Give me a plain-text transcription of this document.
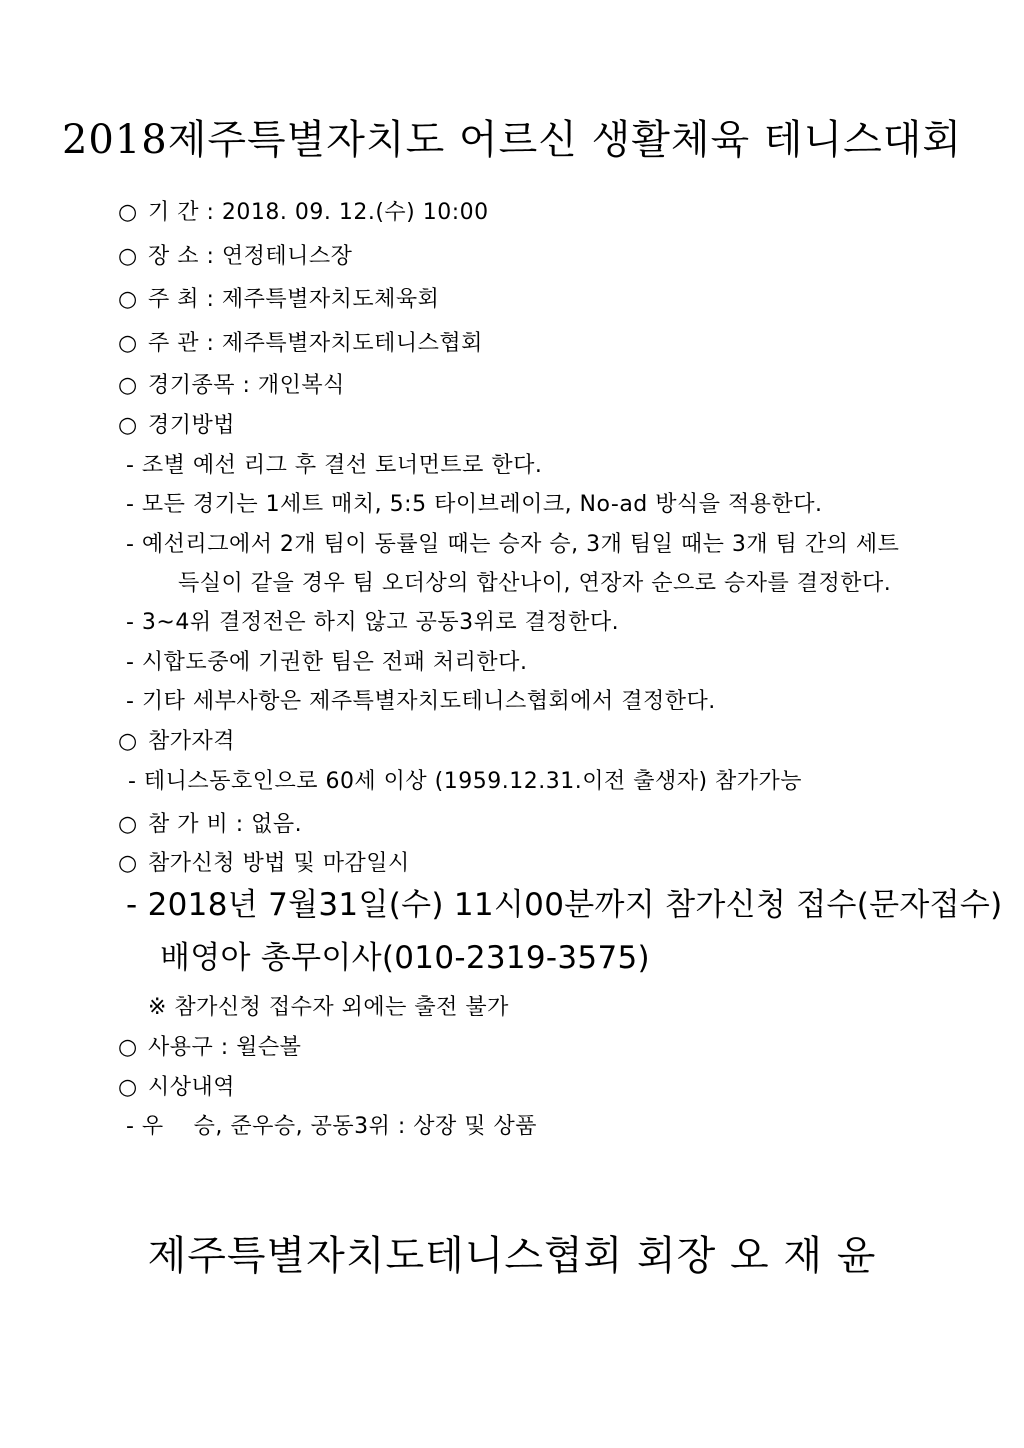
2018제주특별자치도 어르신 생활체육 테니스대회
○ 기 간 : 2018. 09. 12.(수) 10:00
○ 장 소 : 연정테니스장
○ 주 최 : 제주특별자치도체육회
○ 주 관 : 제주특별자치도테니스협회
○ 경기종목 : 개인복식
○ 경기방법
- 조별 예선 리그 후 결선 토너먼트로 한다.
- 모든 경기는 1세트 매치, 5:5 타이브레이크, No-ad 방식을 적용한다.
- 예선리그에서 2개 팀이 동률일 때는 승자 승, 3개 팀일 때는 3개 팀 간의 세트
득실이 같을 경우 팀 오더상의 합산나이, 연장자 순으로 승자를 결정한다.
- 3~4위 결정전은 하지 않고 공동3위로 결정한다.
- 시합도중에 기권한 팀은 전패 처리한다.
- 기타 세부사항은 제주특별자치도테니스협회에서 결정한다.
○ 참가자격
- 테니스동호인으로 60세 이상 (1959.12.31.이전 출생자) 참가가능
○ 참 가 비 : 없음.
○ 참가신청 방법 및 마감일시
- 2018년 7월31일(수) 11시00분까지 참가신청 접수(문자접수)
배영아 총무이사(010-2319-3575)
※ 참가신청 접수자 외에는 출전 불가
○ 사용구 : 윌슨볼
○ 시상내역
- 우    승, 준우승, 공동3위 : 상장 및 상품
제주특별자치도테니스협회 회장 오 재 윤
